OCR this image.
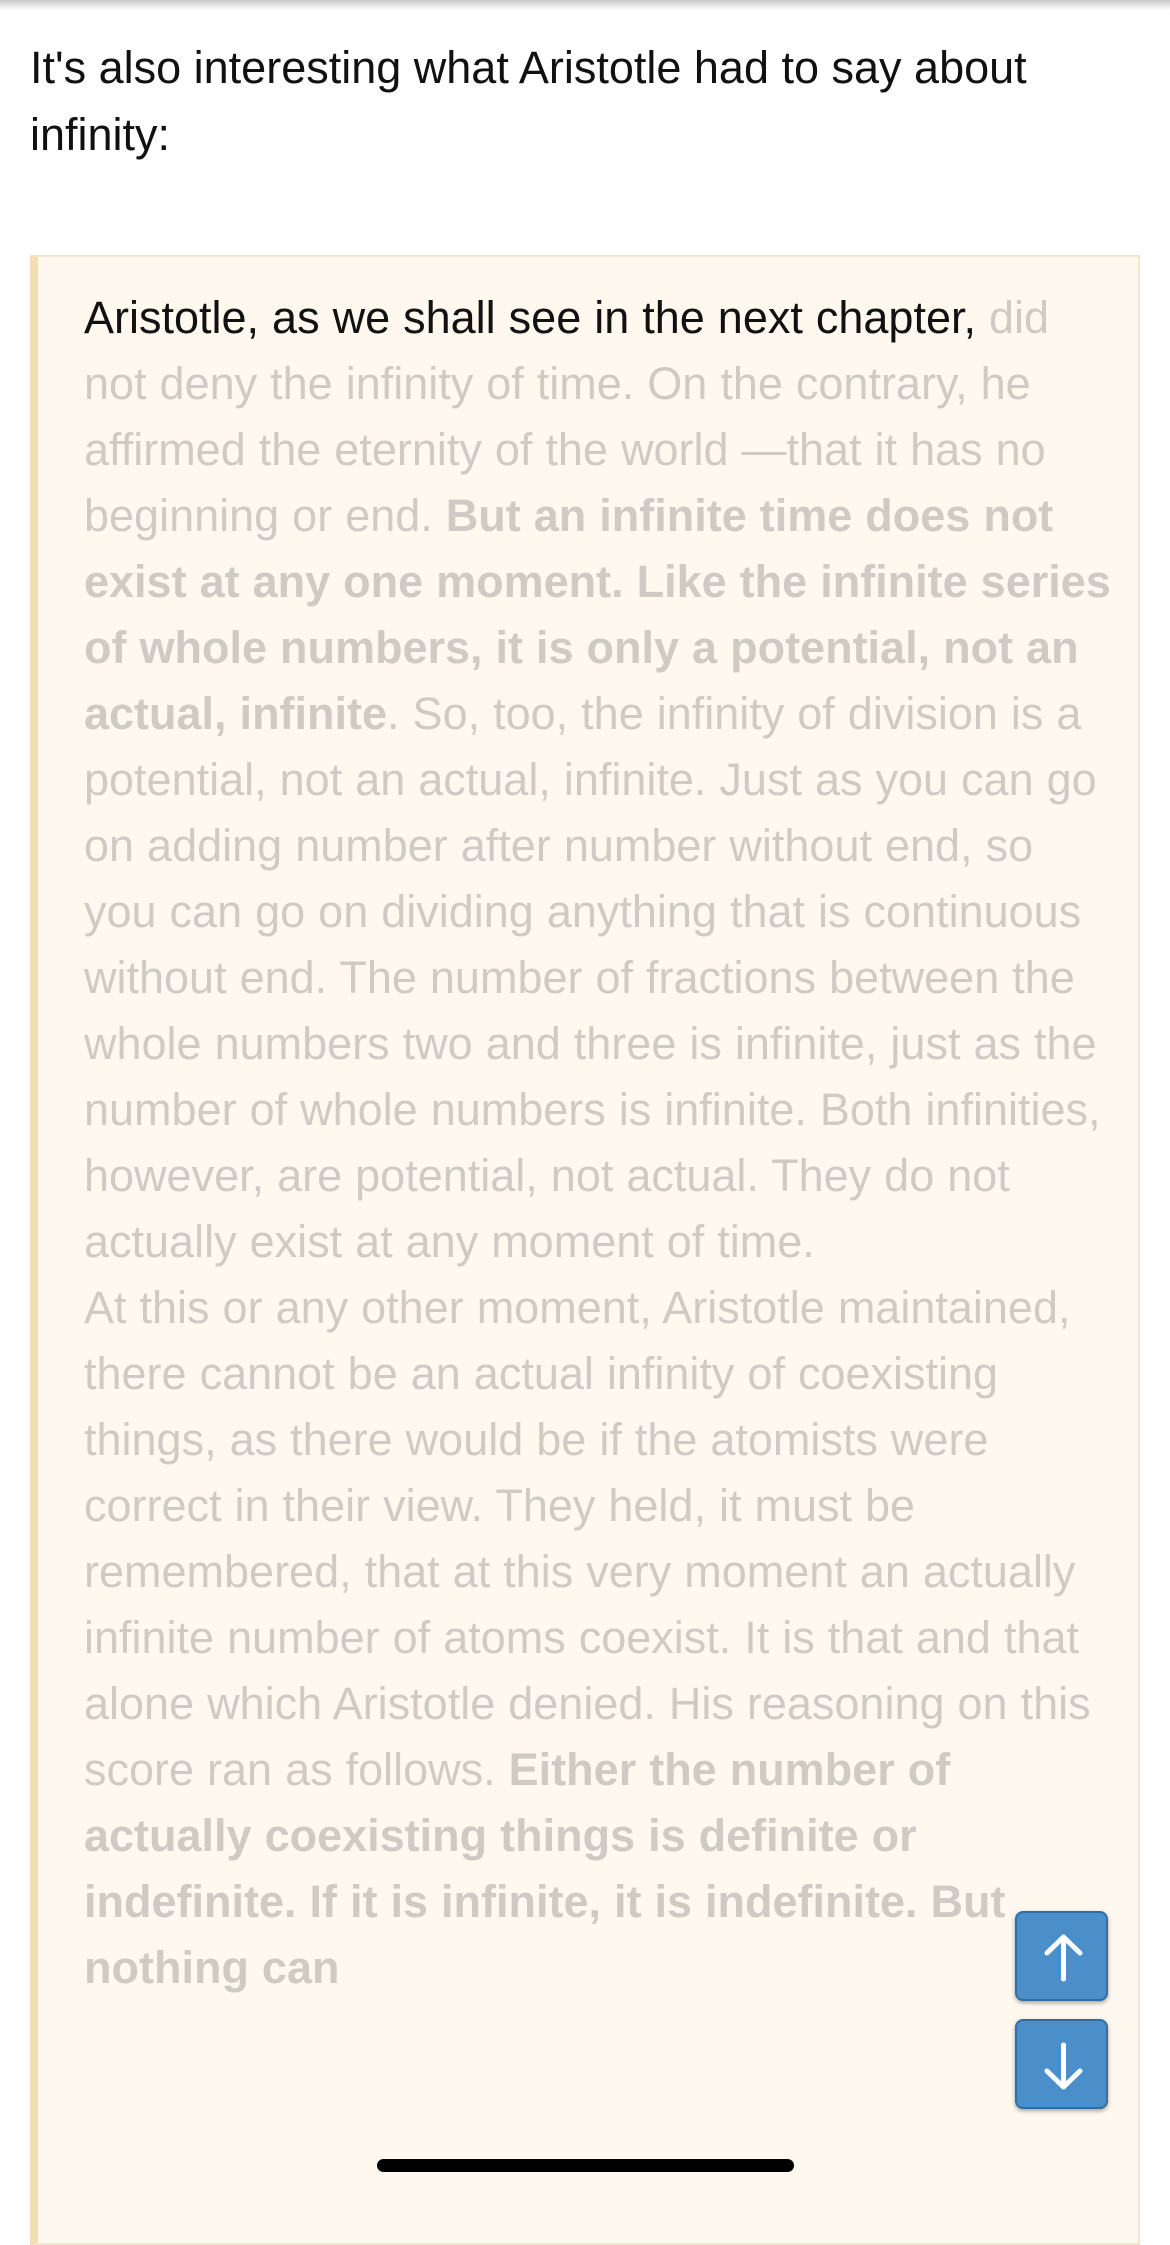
It's also interesting what Aristotle had to say about infinity:

Aristotle, as we shall see in the next chapter, did not deny the infinity of time. On the contrary, he affirmed the eternity of the world —that it has no beginning or end. But an infinite time does not exist at any one moment. Like the infinite series of whole numbers, it is only a potential, not an actual, infinite. So, too, the infinity of division is a potential, not an actual, infinite. Just as you can go on adding number after number without end, so you can go on dividing anything that is continuous without end. The number of fractions between the whole numbers two and three is infinite, just as the number of whole numbers is infinite. Both infinities, however, are potential, not actual. They do not actually exist at any moment of time.
At this or any other moment, Aristotle maintained, there cannot be an actual infinity of coexisting things, as there would be if the atomists were correct in their view. They held, it must be remembered, that at this very moment an actually infinite number of atoms coexist. It is that and that alone which Aristotle denied. His reasoning on this score ran as follows. Either the number of actually coexisting things is definite or indefinite. If it is infinite, it is indefinite. But nothing can
